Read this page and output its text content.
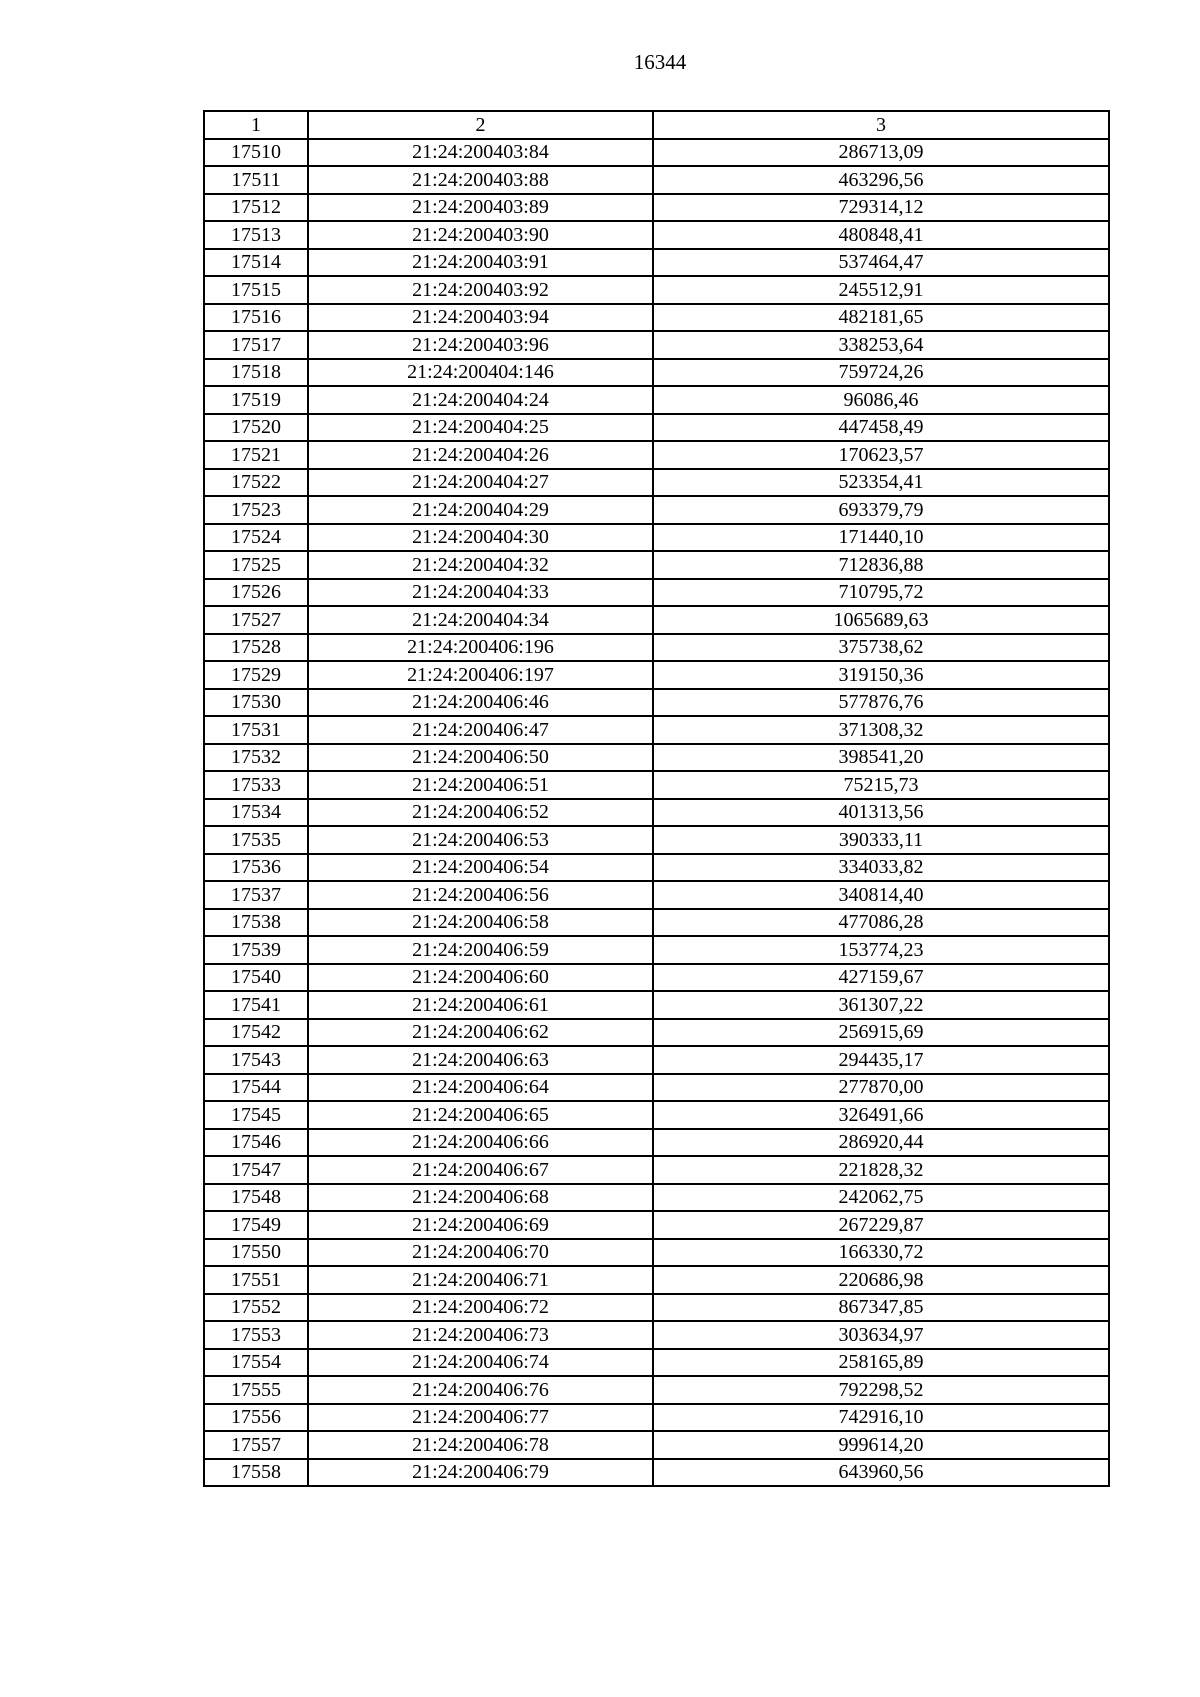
16344
1	2	3
17510	21:24:200403:84	286713,09
17511	21:24:200403:88	463296,56
17512	21:24:200403:89	729314,12
17513	21:24:200403:90	480848,41
17514	21:24:200403:91	537464,47
17515	21:24:200403:92	245512,91
17516	21:24:200403:94	482181,65
17517	21:24:200403:96	338253,64
17518	21:24:200404:146	759724,26
17519	21:24:200404:24	96086,46
17520	21:24:200404:25	447458,49
17521	21:24:200404:26	170623,57
17522	21:24:200404:27	523354,41
17523	21:24:200404:29	693379,79
17524	21:24:200404:30	171440,10
17525	21:24:200404:32	712836,88
17526	21:24:200404:33	710795,72
17527	21:24:200404:34	1065689,63
17528	21:24:200406:196	375738,62
17529	21:24:200406:197	319150,36
17530	21:24:200406:46	577876,76
17531	21:24:200406:47	371308,32
17532	21:24:200406:50	398541,20
17533	21:24:200406:51	75215,73
17534	21:24:200406:52	401313,56
17535	21:24:200406:53	390333,11
17536	21:24:200406:54	334033,82
17537	21:24:200406:56	340814,40
17538	21:24:200406:58	477086,28
17539	21:24:200406:59	153774,23
17540	21:24:200406:60	427159,67
17541	21:24:200406:61	361307,22
17542	21:24:200406:62	256915,69
17543	21:24:200406:63	294435,17
17544	21:24:200406:64	277870,00
17545	21:24:200406:65	326491,66
17546	21:24:200406:66	286920,44
17547	21:24:200406:67	221828,32
17548	21:24:200406:68	242062,75
17549	21:24:200406:69	267229,87
17550	21:24:200406:70	166330,72
17551	21:24:200406:71	220686,98
17552	21:24:200406:72	867347,85
17553	21:24:200406:73	303634,97
17554	21:24:200406:74	258165,89
17555	21:24:200406:76	792298,52
17556	21:24:200406:77	742916,10
17557	21:24:200406:78	999614,20
17558	21:24:200406:79	643960,56
